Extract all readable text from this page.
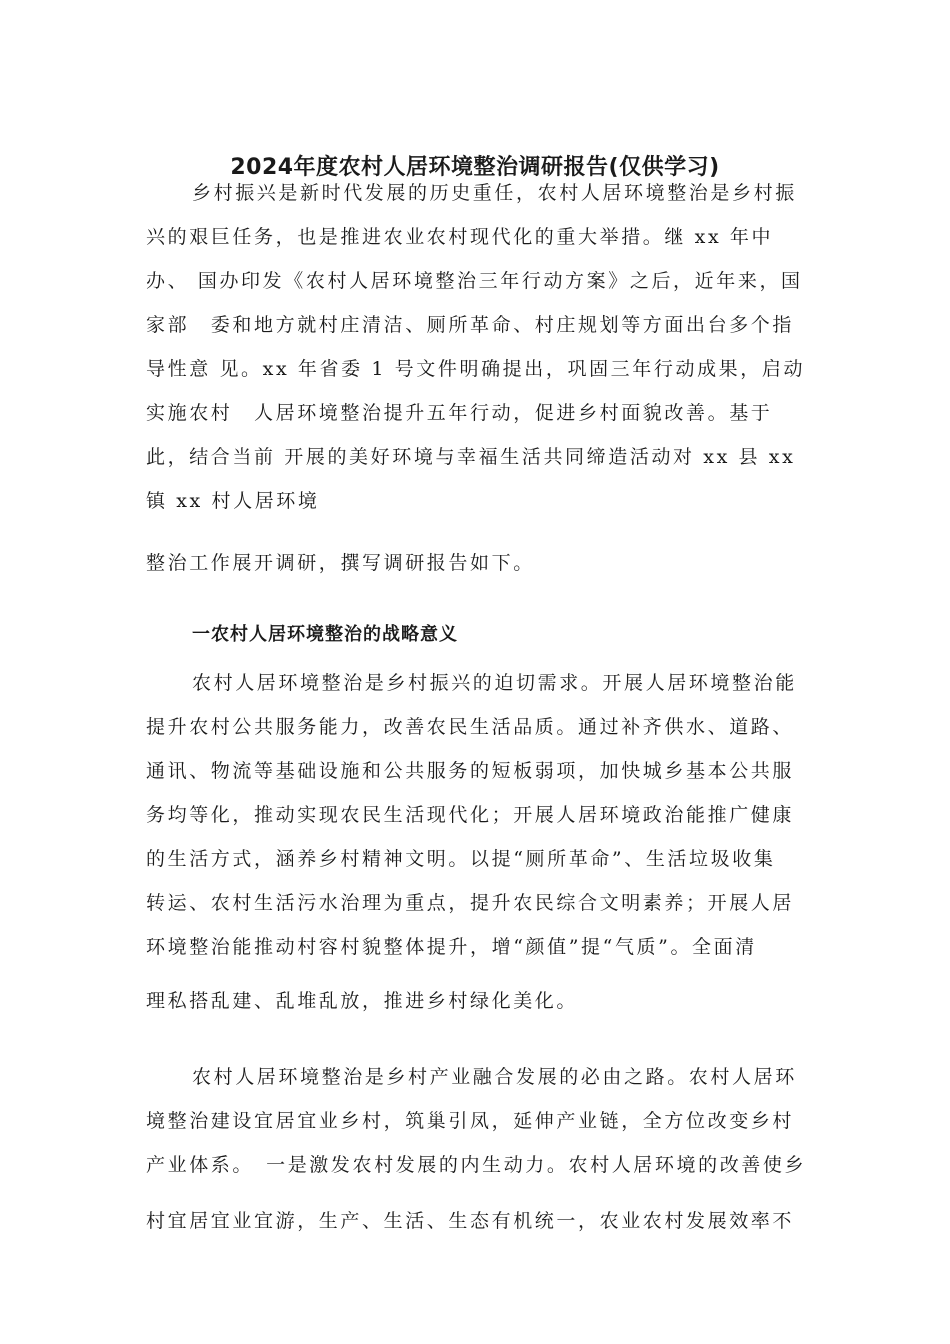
2024年度农村人居环境整治调研报告(仅供学习)
乡村振兴是新时代发展的历史重任，农村人居环境整治是乡村振
兴的艰巨任务，也是推进农业农村现代化的重大举措。继 xx 年中
办、 国办印发《农村人居环境整治三年行动方案》之后，近年来，国
家部　委和地方就村庄清洁、厕所革命、村庄规划等方面出台多个指
导性意 见。xx 年省委 1 号文件明确提出，巩固三年行动成果，启动
实施农村　人居环境整治提升五年行动，促进乡村面貌改善。基于
此，结合当前 开展的美好环境与幸福生活共同缔造活动对 xx 县 xx
镇 xx 村人居环境
整治工作展开调研，撰写调研报告如下。
一农村人居环境整治的战略意义
农村人居环境整治是乡村振兴的迫切需求。开展人居环境整治能
提升农村公共服务能力，改善农民生活品质。通过补齐供水、道路、
通讯、物流等基础设施和公共服务的短板弱项，加快城乡基本公共服
务均等化，推动实现农民生活现代化；开展人居环境政治能推广健康
的生活方式，涵养乡村精神文明。以提“厕所革命”、生活垃圾收集
转运、农村生活污水治理为重点，提升农民综合文明素养；开展人居
环境整治能推动村容村貌整体提升，增“颜值”提“气质”。全面清
理私搭乱建、乱堆乱放，推进乡村绿化美化。
农村人居环境整治是乡村产业融合发展的必由之路。农村人居环
境整治建设宜居宜业乡村，筑巢引凤，延伸产业链，全方位改变乡村
产业体系。　一是激发农村发展的内生动力。农村人居环境的改善使乡
村宜居宜业宜游，生产、生活、生态有机统一，农业农村发展效率不
